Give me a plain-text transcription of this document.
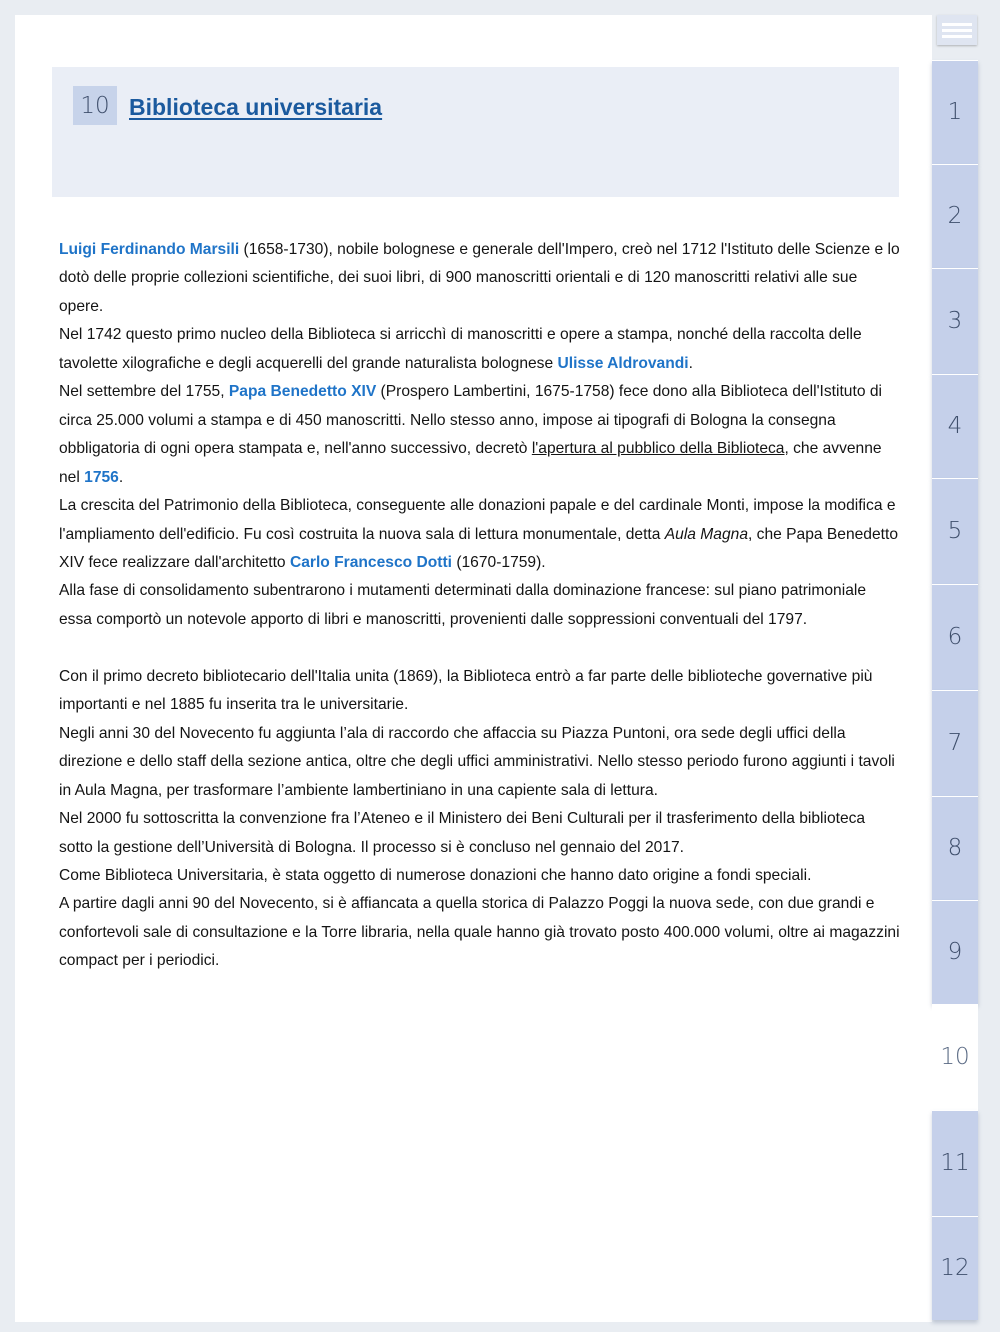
10 Biblioteca universitaria

Luigi Ferdinando Marsili (1658-1730), nobile bolognese e generale dell'Impero, creò nel 1712 l'Istituto delle Scienze e lo dotò delle proprie collezioni scientifiche, dei suoi libri, di 900 manoscritti orientali e di 120 manoscritti relativi alle sue opere.

Nel 1742 questo primo nucleo della Biblioteca si arricchì di manoscritti e opere a stampa, nonché della raccolta delle tavolette xilografiche e degli acquerelli del grande naturalista bolognese Ulisse Aldrovandi.

Nel settembre del 1755, Papa Benedetto XIV (Prospero Lambertini, 1675-1758) fece dono alla Biblioteca dell'Istituto di circa 25.000 volumi a stampa e di 450 manoscritti. Nello stesso anno, impose ai tipografi di Bologna la consegna obbligatoria di ogni opera stampata e, nell'anno successivo, decretò l'apertura al pubblico della Biblioteca, che avvenne nel 1756.

La crescita del Patrimonio della Biblioteca, conseguente alle donazioni papale e del cardinale Monti, impose la modifica e l'ampliamento dell'edificio. Fu così costruita la nuova sala di lettura monumentale, detta Aula Magna, che Papa Benedetto XIV fece realizzare dall'architetto Carlo Francesco Dotti (1670-1759).

Alla fase di consolidamento subentrarono i mutamenti determinati dalla dominazione francese: sul piano patrimoniale essa comportò un notevole apporto di libri e manoscritti, provenienti dalle soppressioni conventuali del 1797.

Con il primo decreto bibliotecario dell'Italia unita (1869), la Biblioteca entrò a far parte delle biblioteche governative più importanti e nel 1885 fu inserita tra le universitarie.

Negli anni 30 del Novecento fu aggiunta l’ala di raccordo che affaccia su Piazza Puntoni, ora sede degli uffici della direzione e dello staff della sezione antica, oltre che degli uffici amministrativi. Nello stesso periodo furono aggiunti i tavoli in Aula Magna, per trasformare l’ambiente lambertiniano in una capiente sala di lettura.

Nel 2000 fu sottoscritta la convenzione fra l’Ateneo e il Ministero dei Beni Culturali per il trasferimento della biblioteca sotto la gestione dell’Università di Bologna. Il processo si è concluso nel gennaio del 2017.

Come Biblioteca Universitaria, è stata oggetto di numerose donazioni che hanno dato origine a fondi speciali.

A partire dagli anni 90 del Novecento, si è affiancata a quella storica di Palazzo Poggi la nuova sede, con due grandi e confortevoli sale di consultazione e la Torre libraria, nella quale hanno già trovato posto 400.000 volumi, oltre ai magazzini compact per i periodici.

1
2
3
4
5
6
7
8
9
10
11
12
